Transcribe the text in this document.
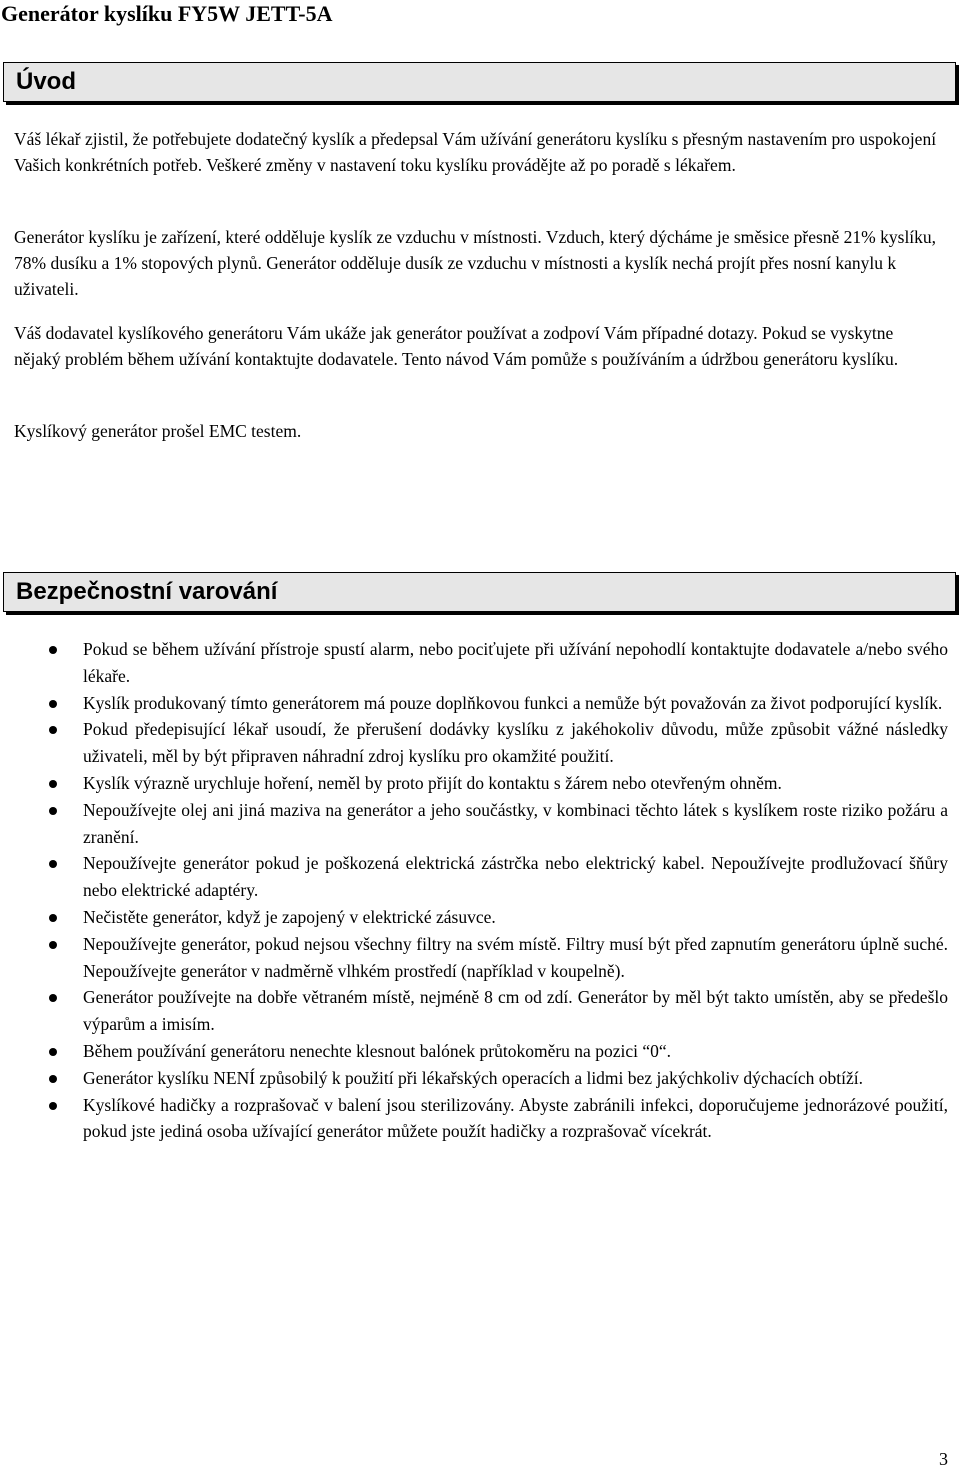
Generátor kyslíku FY5W JETT-5A
Úvod

Váš lékař zjistil, že potřebujete dodatečný kyslík a předepsal Vám užívání generátoru kyslíku s přesným nastavením pro uspokojení Vašich konkrétních potřeb. Veškeré změny v nastavení toku kyslíku provádějte až po poradě s lékařem.

Generátor kyslíku je zařízení, které odděluje kyslík ze vzduchu v místnosti. Vzduch, který dýcháme je směsice přesně 21% kyslíku, 78% dusíku a 1% stopových plynů. Generátor odděluje dusík ze vzduchu v místnosti a kyslík nechá projít přes nosní kanylu k uživateli.

Váš dodavatel kyslíkového generátoru Vám ukáže jak generátor používat a zodpoví Vám případné dotazy. Pokud se vyskytne nějaký problém během užívání kontaktujte dodavatele. Tento návod Vám pomůže s používáním a údržbou generátoru kyslíku.

Kyslíkový generátor prošel EMC testem.

Bezpečnostní varování
Pokud se během užívání přístroje spustí alarm, nebo pociťujete při užívání nepohodlí kontaktujte dodavatele a/nebo svého lékaře.
Kyslík produkovaný tímto generátorem má pouze doplňkovou funkci a nemůže být považován za život podporující kyslík.
Pokud předepisující lékař usoudí, že přerušení dodávky kyslíku z jakéhokoliv důvodu, může způsobit vážné následky uživateli, měl by být připraven náhradní zdroj kyslíku pro okamžité použití.
Kyslík výrazně urychluje hoření, neměl by proto přijít do kontaktu s žárem nebo otevřeným ohněm.
Nepoužívejte olej ani jiná maziva na generátor a jeho součástky, v kombinaci těchto látek s kyslíkem roste riziko požáru a zranění.
Nepoužívejte generátor pokud je poškozená elektrická zástrčka nebo elektrický kabel. Nepoužívejte prodlužovací šňůry nebo elektrické adaptéry.
Nečistěte generátor, když je zapojený v elektrické zásuvce.
Nepoužívejte generátor, pokud nejsou všechny filtry na svém místě. Filtry musí být před zapnutím generátoru úplně suché. Nepoužívejte generátor v nadměrně vlhkém prostředí (například v koupelně).
Generátor používejte na dobře větraném místě, nejméně 8 cm od zdí. Generátor by měl být takto umístěn, aby se předešlo výparům a imisím.
Během používání generátoru nenechte klesnout balónek průtokoměru na pozici “0“.
Generátor kyslíku NENÍ způsobilý k použití při lékařských operacích a lidmi bez jakýchkoliv dýchacích obtíží.
Kyslíkové hadičky a rozprašovač v balení jsou sterilizovány. Abyste zabránili infekci, doporučujeme jednorázové použití, pokud jste jediná osoba užívající generátor můžete použít hadičky a rozprašovač vícekrát.
3
